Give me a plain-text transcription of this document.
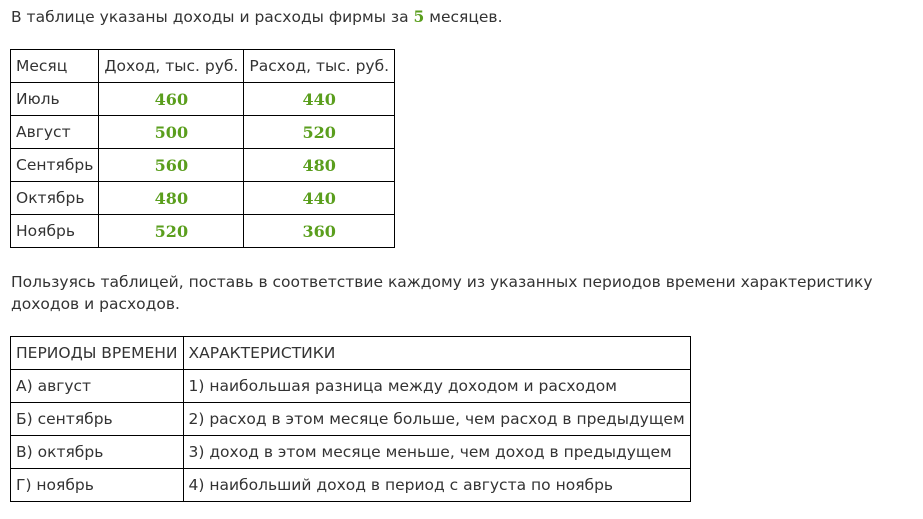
В таблице указаны доходы и расходы фирмы за 5 месяцев.
Месяц	Доход, тыс. руб.	Расход, тыс. руб.
Июль	460	440
Август	500	520
Сентябрь	560	480
Октябрь	480	440
Ноябрь	520	360
Пользуясь таблицей, поставь в соответствие каждому из указанных периодов времени характеристику доходов и расходов.
ПЕРИОДЫ ВРЕМЕНИ	ХАРАКТЕРИСТИКИ
А) август	1) наибольшая разница между доходом и расходом
Б) сентябрь	2) расход в этом месяце больше, чем расход в предыдущем
В) октябрь	3) доход в этом месяце меньше, чем доход в предыдущем
Г) ноябрь	4) наибольший доход в период с августа по ноябрь
